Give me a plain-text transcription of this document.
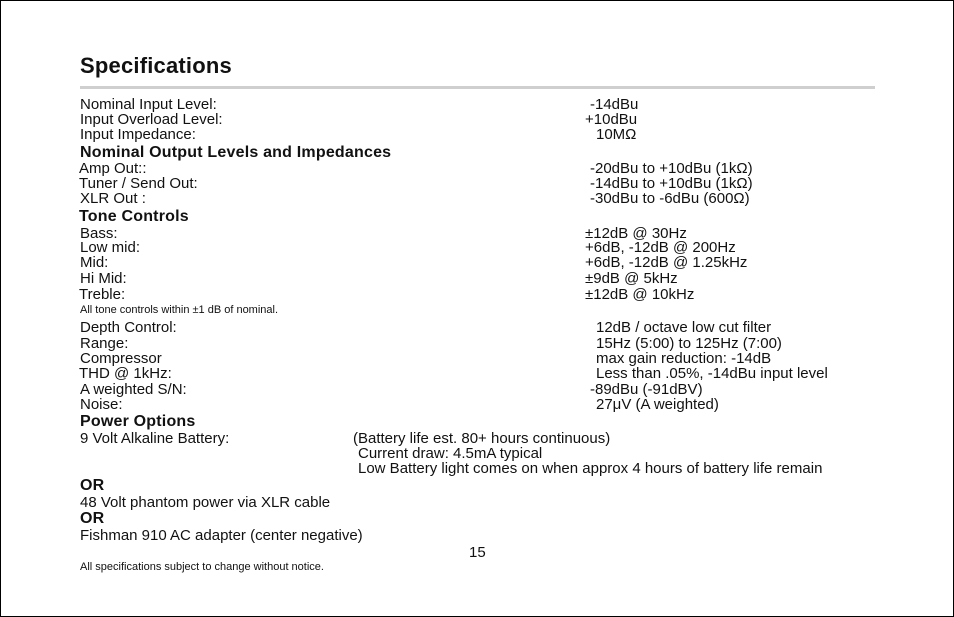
Specifications
Nominal Input Level:	-14dBu
Input Overload Level:	+10dBu
Input Impedance:	10MΩ
Nominal Output Levels and Impedances
Amp Out::	-20dBu to +10dBu (1kΩ)
Tuner / Send Out:	-14dBu to +10dBu (1kΩ)
XLR Out :	-30dBu to -6dBu (600Ω)
Tone Controls
Bass:	±12dB @ 30Hz
Low mid:	+6dB, -12dB @ 200Hz
Mid:	+6dB, -12dB @ 1.25kHz
Hi Mid:	±9dB @ 5kHz
Treble:	±12dB @ 10kHz
All tone controls within ±1 dB of nominal.
Depth Control:	12dB / octave low cut filter
Range:	15Hz (5:00) to 125Hz (7:00)
Compressor	max gain reduction: -14dB
THD @ 1kHz:	Less than .05%, -14dBu input level
A weighted S/N:	-89dBu (-91dBV)
Noise:	27μV (A weighted)
Power Options
9 Volt Alkaline Battery:	(Battery life est. 80+ hours continuous)
Current draw: 4.5mA typical
Low Battery light comes on when approx 4 hours of battery life remain
OR
48 Volt phantom power via XLR cable
OR
Fishman 910 AC adapter (center negative)
15
All specifications subject to change without notice.
